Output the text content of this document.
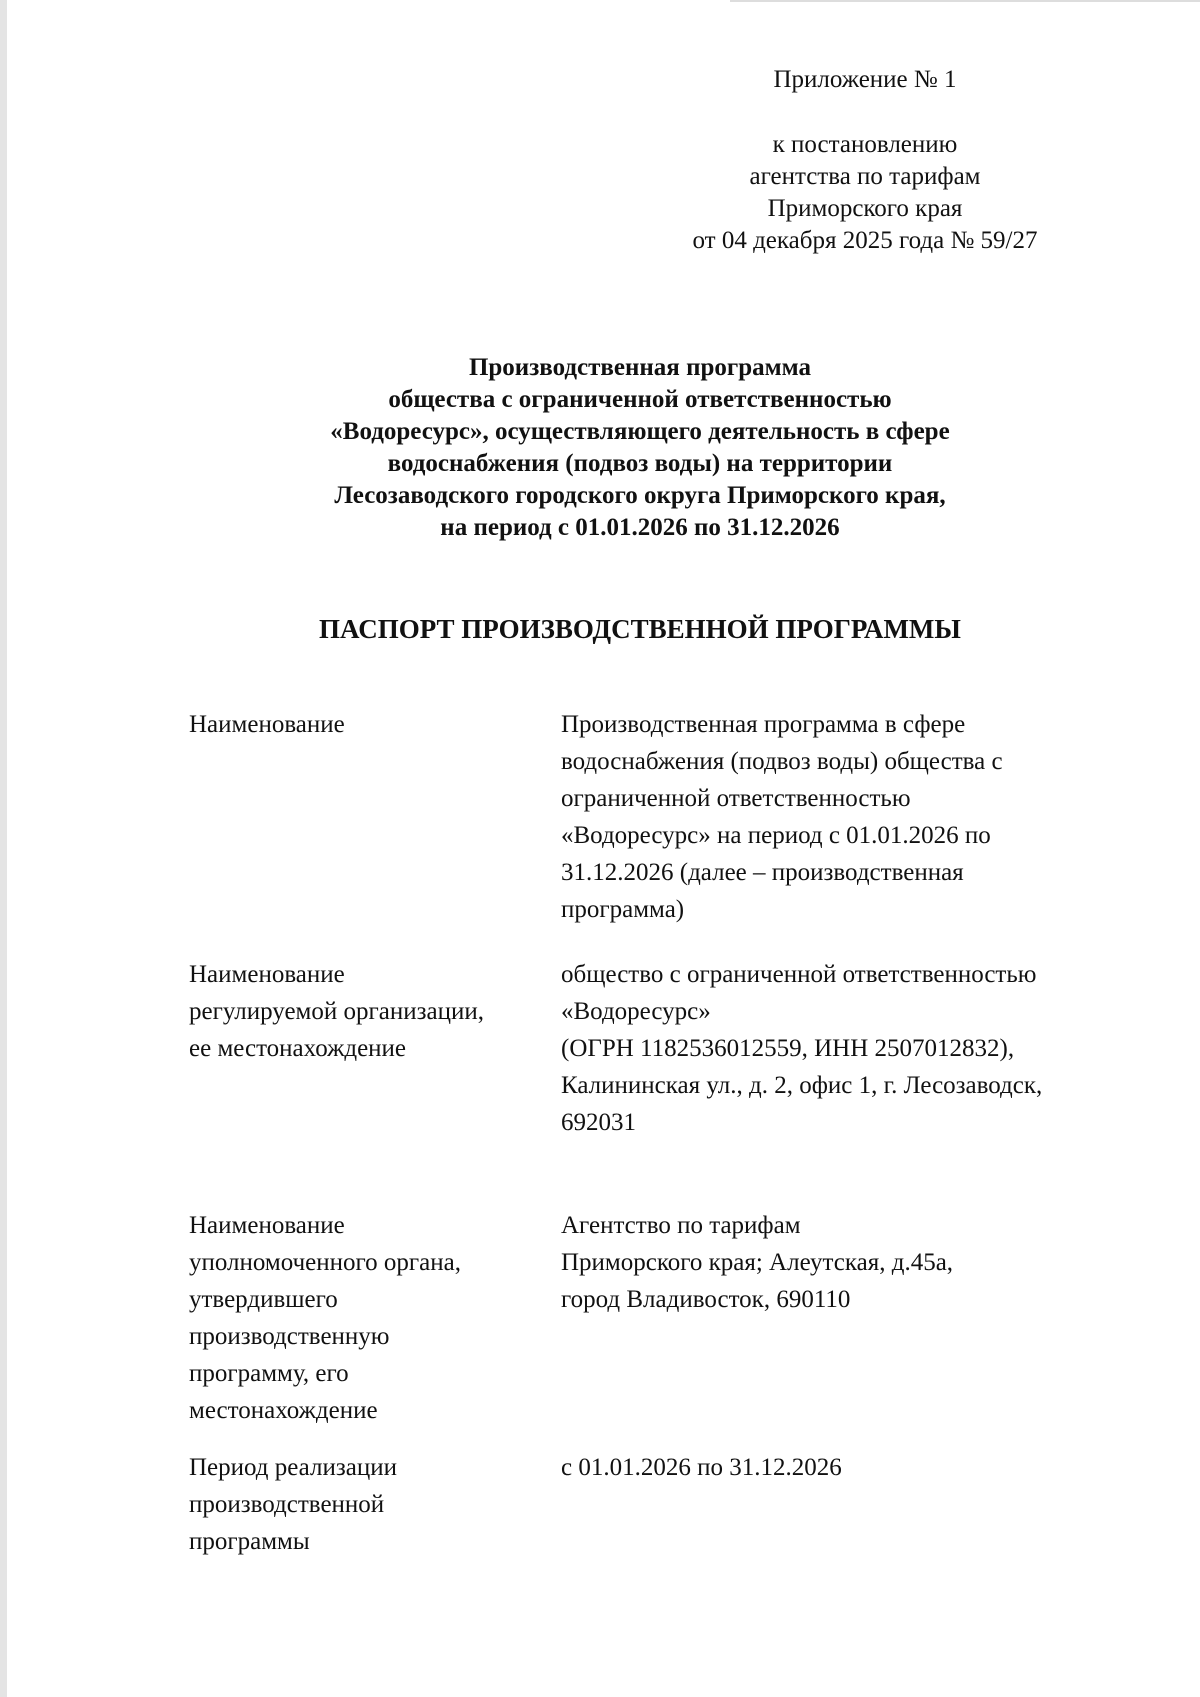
Приложение № 1
к постановлению
агентства по тарифам
Приморского края
от 04 декабря 2025 года № 59/27
Производственная программа
общества с ограниченной ответственностью
«Водоресурс», осуществляющего деятельность в сфере
водоснабжения (подвоз воды) на территории
Лесозаводского городского округа Приморского края,
на период с 01.01.2026 по 31.12.2026
ПАСПОРТ ПРОИЗВОДСТВЕННОЙ ПРОГРАММЫ
Наименование	Производственная программа в сфере
водоснабжения (подвоз воды) общества с
ограниченной ответственностью
«Водоресурс» на период с 01.01.2026 по
31.12.2026 (далее – производственная
программа)
Наименование
регулируемой организации,
ее местонахождение
общество с ограниченной ответственностью
«Водоресурс»
(ОГРН 1182536012559, ИНН 2507012832),
Калининская ул., д. 2, офис 1, г. Лесозаводск,
692031
Наименование
уполномоченного органа,
утвердившего
производственную
программу, его
местонахождение
Агентство по тарифам
Приморского края; Алеутская, д.45а,
город Владивосток, 690110
Период реализации
производственной
программы
с 01.01.2026 по 31.12.2026
